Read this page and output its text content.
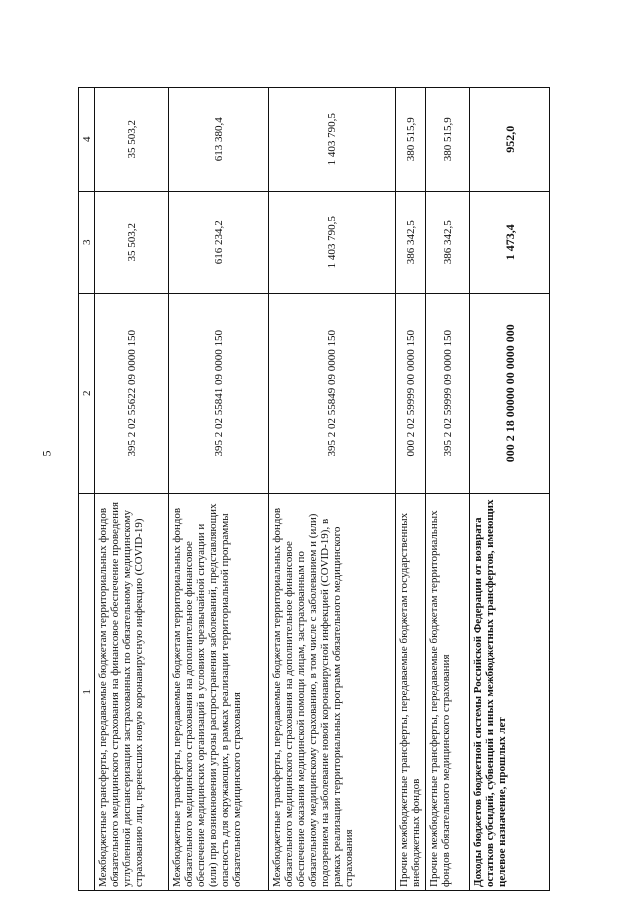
5
1	2	3	4
Межбюджетные трансферты, передаваемые бюджетам территориальных фондов обязательного медицинского страхования на финансовое обеспечение проведения углубленной диспансеризации застрахованных по обязательному медицинскому страхованию лиц, перенесших новую коронавирусную инфекцию (COVID-19)	395 2 02 55622 09 0000 150	35 503,2	35 503,2
Межбюджетные трансферты, передаваемые бюджетам территориальных фондов обязательного медицинского страхования на дополнительное финансовое обеспечение медицинских организаций в условиях чрезвычайной ситуации и (или) при возникновении угрозы распространения заболеваний, представляющих опасность для окружающих, в рамках реализации территориальной программы обязательного медицинского страхования	395 2 02 55841 09 0000 150	616 234,2	613 380,4
Межбюджетные трансферты, передаваемые бюджетам территориальных фондов обязательного медицинского страхования на дополнительное финансовое обеспечение оказания медицинской помощи лицам, застрахованным по обязательному медицинскому страхованию, в том числе с заболеванием и (или) подозрением на заболевание новой коронавирусной инфекцией (COVID-19), в рамках реализации территориальных программ обязательного медицинского страхования	395 2 02 55849 09 0000 150	1 403 790,5	1 403 790,5
Прочие межбюджетные трансферты, передаваемые бюджетам государственных внебюджетных фондов	000 2 02 59999 00 0000 150	386 342,5	380 515,9
Прочие межбюджетные трансферты, передаваемые бюджетам территориальных фондов обязательного медицинского страхования	395 2 02 59999 09 0000 150	386 342,5	380 515,9
Доходы бюджетов бюджетной системы Российской Федерации от возврата остатков субсидий, субвенций и иных межбюджетных трансфертов, имеющих целевое назначение, прошлых лет	000 2 18 00000 00 0000 000	1 473,4	952,0
